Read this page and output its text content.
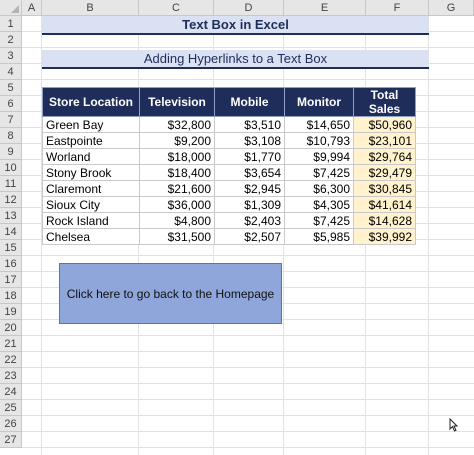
A	B	C	D	E	F	G
1
2
3
4
5
6
7
8
9
10
11
12
13
14
15
16
17
18
19
20
21
22
23
24
25
26
27
Text Box in Excel
Adding Hyperlinks to a Text Box
Store Location	Television	Mobile	Monitor	Total Sales
Green Bay	$32,800	$3,510	$14,650	$50,960
Eastpointe	$9,200	$3,108	$10,793	$23,101
Worland	$18,000	$1,770	$9,994	$29,764
Stony Brook	$18,400	$3,654	$7,425	$29,479
Claremont	$21,600	$2,945	$6,300	$30,845
Sioux City	$36,000	$1,309	$4,305	$41,614
Rock Island	$4,800	$2,403	$7,425	$14,628
Chelsea	$31,500	$2,507	$5,985	$39,992
Click here to go back to the Homepage
